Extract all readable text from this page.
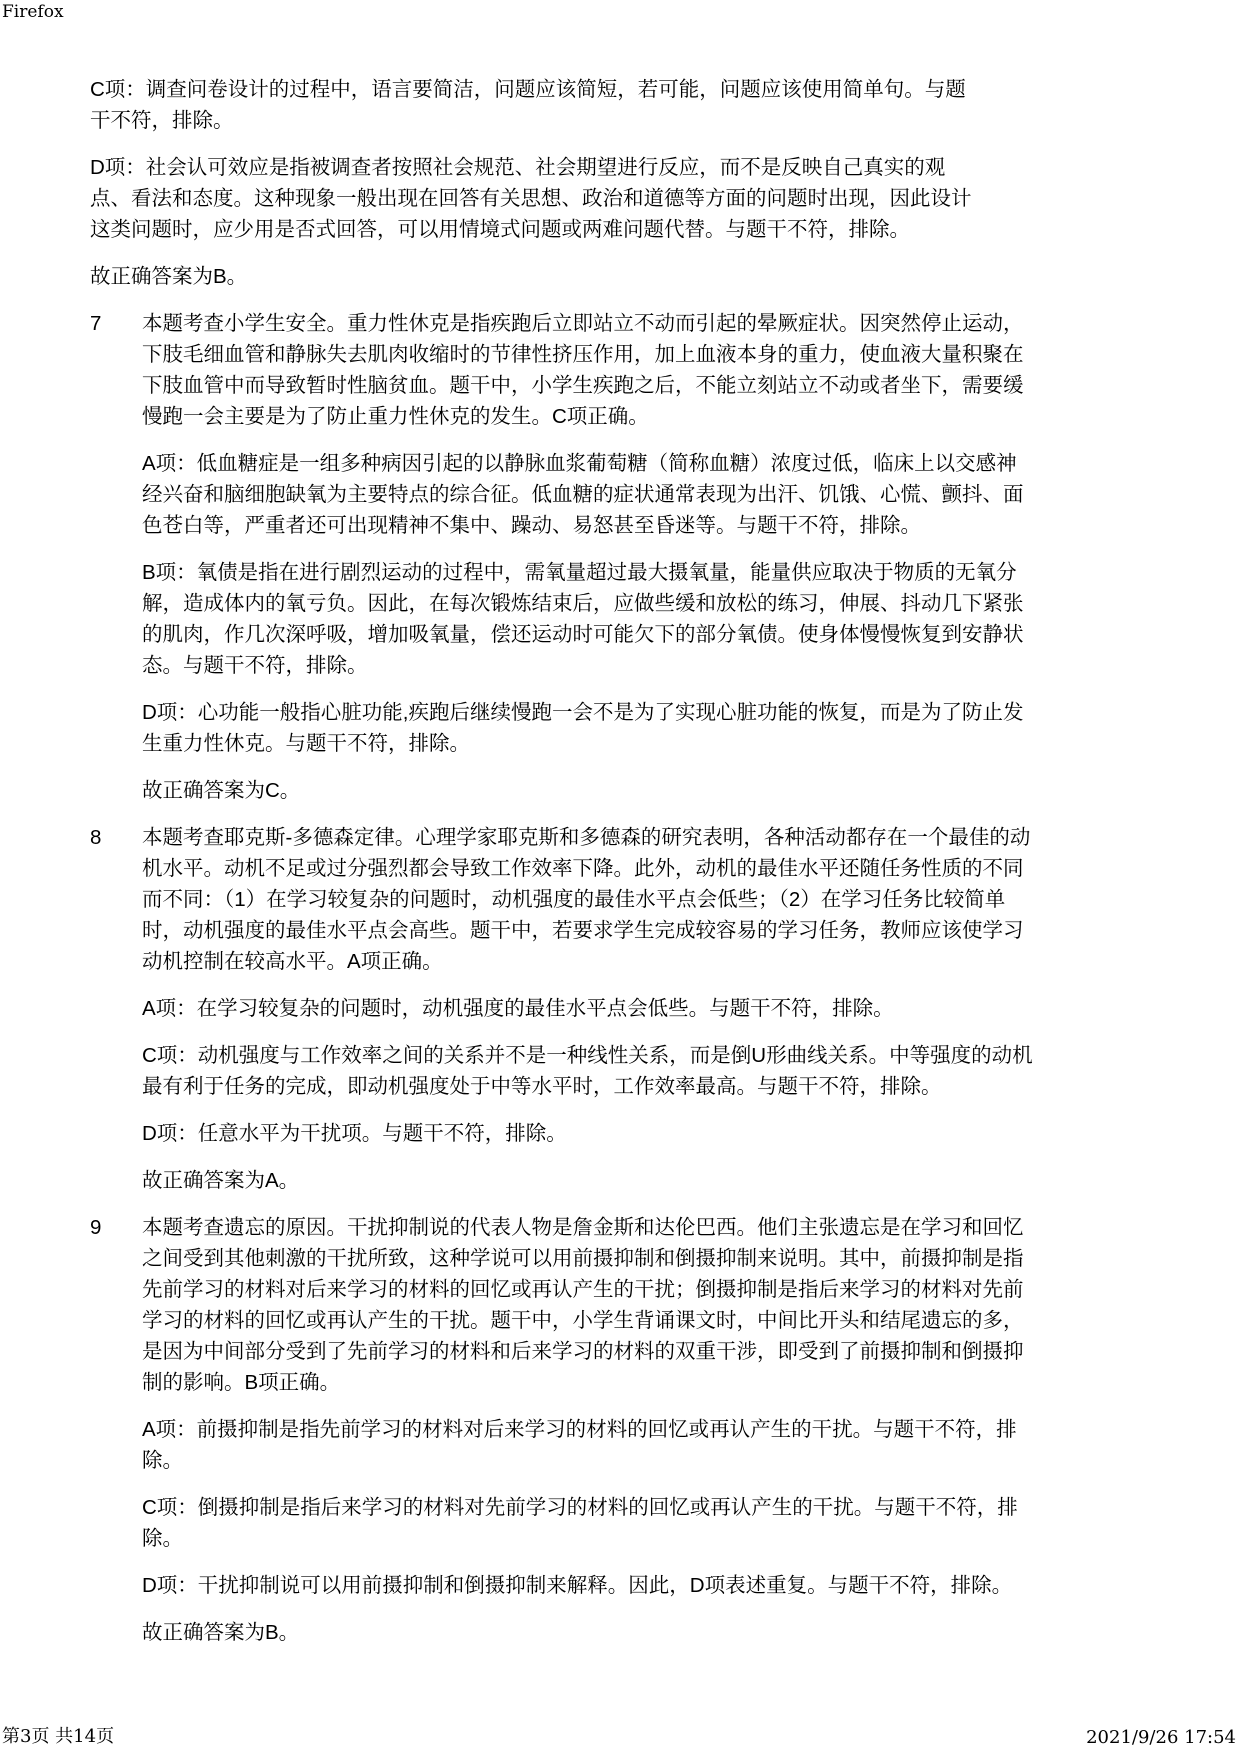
Firefox
C项：调查问卷设计的过程中，语言要简洁，问题应该简短，若可能，问题应该使用简单句。与题
干不符，排除。
D项：社会认可效应是指被调查者按照社会规范、社会期望进行反应，而不是反映自己真实的观
点、看法和态度。这种现象一般出现在回答有关思想、政治和道德等方面的问题时出现，因此设计
这类问题时，应少用是否式回答，可以用情境式问题或两难问题代替。与题干不符，排除。
故正确答案为B。
7 本题考查小学生安全。重力性休克是指疾跑后立即站立不动而引起的晕厥症状。因突然停止运动，
下肢毛细血管和静脉失去肌肉收缩时的节律性挤压作用，加上血液本身的重力，使血液大量积聚在
下肢血管中而导致暂时性脑贫血。题干中，小学生疾跑之后，不能立刻站立不动或者坐下，需要缓
慢跑一会主要是为了防止重力性休克的发生。C项正确。
A项：低血糖症是一组多种病因引起的以静脉血浆葡萄糖（简称血糖）浓度过低，临床上以交感神
经兴奋和脑细胞缺氧为主要特点的综合征。低血糖的症状通常表现为出汗、饥饿、心慌、颤抖、面
色苍白等，严重者还可出现精神不集中、躁动、易怒甚至昏迷等。与题干不符，排除。
B项：氧债是指在进行剧烈运动的过程中，需氧量超过最大摄氧量，能量供应取决于物质的无氧分
解，造成体内的氧亏负。因此，在每次锻炼结束后，应做些缓和放松的练习，伸展、抖动几下紧张
的肌肉，作几次深呼吸，增加吸氧量，偿还运动时可能欠下的部分氧债。使身体慢慢恢复到安静状
态。与题干不符，排除。
D项：心功能一般指心脏功能,疾跑后继续慢跑一会不是为了实现心脏功能的恢复，而是为了防止发
生重力性休克。与题干不符，排除。
故正确答案为C。
8 本题考查耶克斯-多德森定律。心理学家耶克斯和多德森的研究表明，各种活动都存在一个最佳的动
机水平。动机不足或过分强烈都会导致工作效率下降。此外，动机的最佳水平还随任务性质的不同
而不同：（1）在学习较复杂的问题时，动机强度的最佳水平点会低些；（2）在学习任务比较简单
时，动机强度的最佳水平点会高些。题干中，若要求学生完成较容易的学习任务，教师应该使学习
动机控制在较高水平。A项正确。
A项：在学习较复杂的问题时，动机强度的最佳水平点会低些。与题干不符，排除。
C项：动机强度与工作效率之间的关系并不是一种线性关系，而是倒U形曲线关系。中等强度的动机
最有利于任务的完成，即动机强度处于中等水平时，工作效率最高。与题干不符，排除。
D项：任意水平为干扰项。与题干不符，排除。
故正确答案为A。
9 本题考查遗忘的原因。干扰抑制说的代表人物是詹金斯和达伦巴西。他们主张遗忘是在学习和回忆
之间受到其他刺激的干扰所致，这种学说可以用前摄抑制和倒摄抑制来说明。其中，前摄抑制是指
先前学习的材料对后来学习的材料的回忆或再认产生的干扰；倒摄抑制是指后来学习的材料对先前
学习的材料的回忆或再认产生的干扰。题干中，小学生背诵课文时，中间比开头和结尾遗忘的多，
是因为中间部分受到了先前学习的材料和后来学习的材料的双重干涉，即受到了前摄抑制和倒摄抑
制的影响。B项正确。
A项：前摄抑制是指先前学习的材料对后来学习的材料的回忆或再认产生的干扰。与题干不符，排
除。
C项：倒摄抑制是指后来学习的材料对先前学习的材料的回忆或再认产生的干扰。与题干不符，排
除。
D项：干扰抑制说可以用前摄抑制和倒摄抑制来解释。因此，D项表述重复。与题干不符，排除。
故正确答案为B。
第3页 共14页	2021/9/26 17:54
